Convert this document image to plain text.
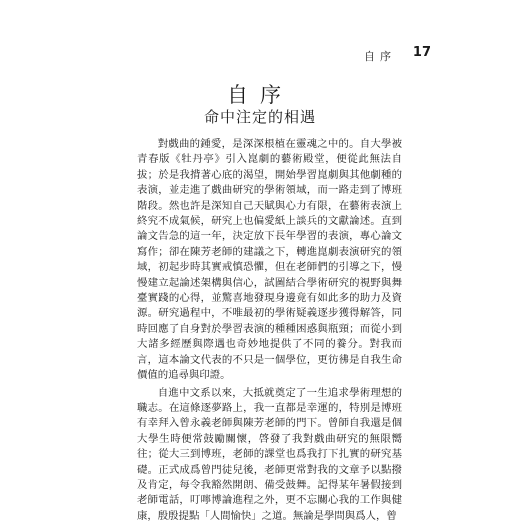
自序 17
自序
命中注定的相遇

對戲曲的鍾愛，是深深根植在靈魂之中的。自大學被青春版《牡丹亭》引入崑劇的藝術殿堂，便從此無法自拔；於是我揹著心底的渴望，開始學習崑劇與其他劇種的表演，並走進了戲曲研究的學術領域，而一路走到了博班階段。然也許是深知自己天賦與心力有限，在藝術表演上終究不成氣候，研究上也偏愛紙上談兵的文獻論述。直到論文告急的這一年，決定放下長年學習的表演，專心論文寫作；卻在陳芳老師的建議之下，轉進崑劇表演研究的領域，初起步時其實戒慎恐懼，但在老師們的引導之下，慢慢建立起論述架構與信心，試圖結合學術研究的視野與舞臺實踐的心得，並驚喜地發現身邊竟有如此多的助力及資源。研究過程中，不唯最初的學術疑義逐步獲得解答，同時回應了自身對於學習表演的種種困惑與瓶頸；而從小到大諸多經歷與際遇也奇妙地提供了不同的養分。對我而言，這本論文代表的不只是一個學位，更彷彿是自我生命價值的追尋與印證。

自進中文系以來，大抵就奠定了一生追求學術理想的職志。在這條逐夢路上，我一直都是幸運的，特別是博班有幸拜入曾永義老師與陳芳老師的門下。曾師自我還是個大學生時便常鼓勵關懷，啓發了我對戲曲研究的無限嚮往；從大三到博班，老師的課堂也爲我打下扎實的研究基礎。正式成爲曾門徒兒後，老師更常對我的文章予以點撥及肯定，每令我豁然開朗、備受鼓舞。記得某年暑假接到老師電話，叮嚀博論進程之外，更不忘關心我的工作與健康，殷殷提點「人間愉快」之道。無論是學問與爲人，曾
